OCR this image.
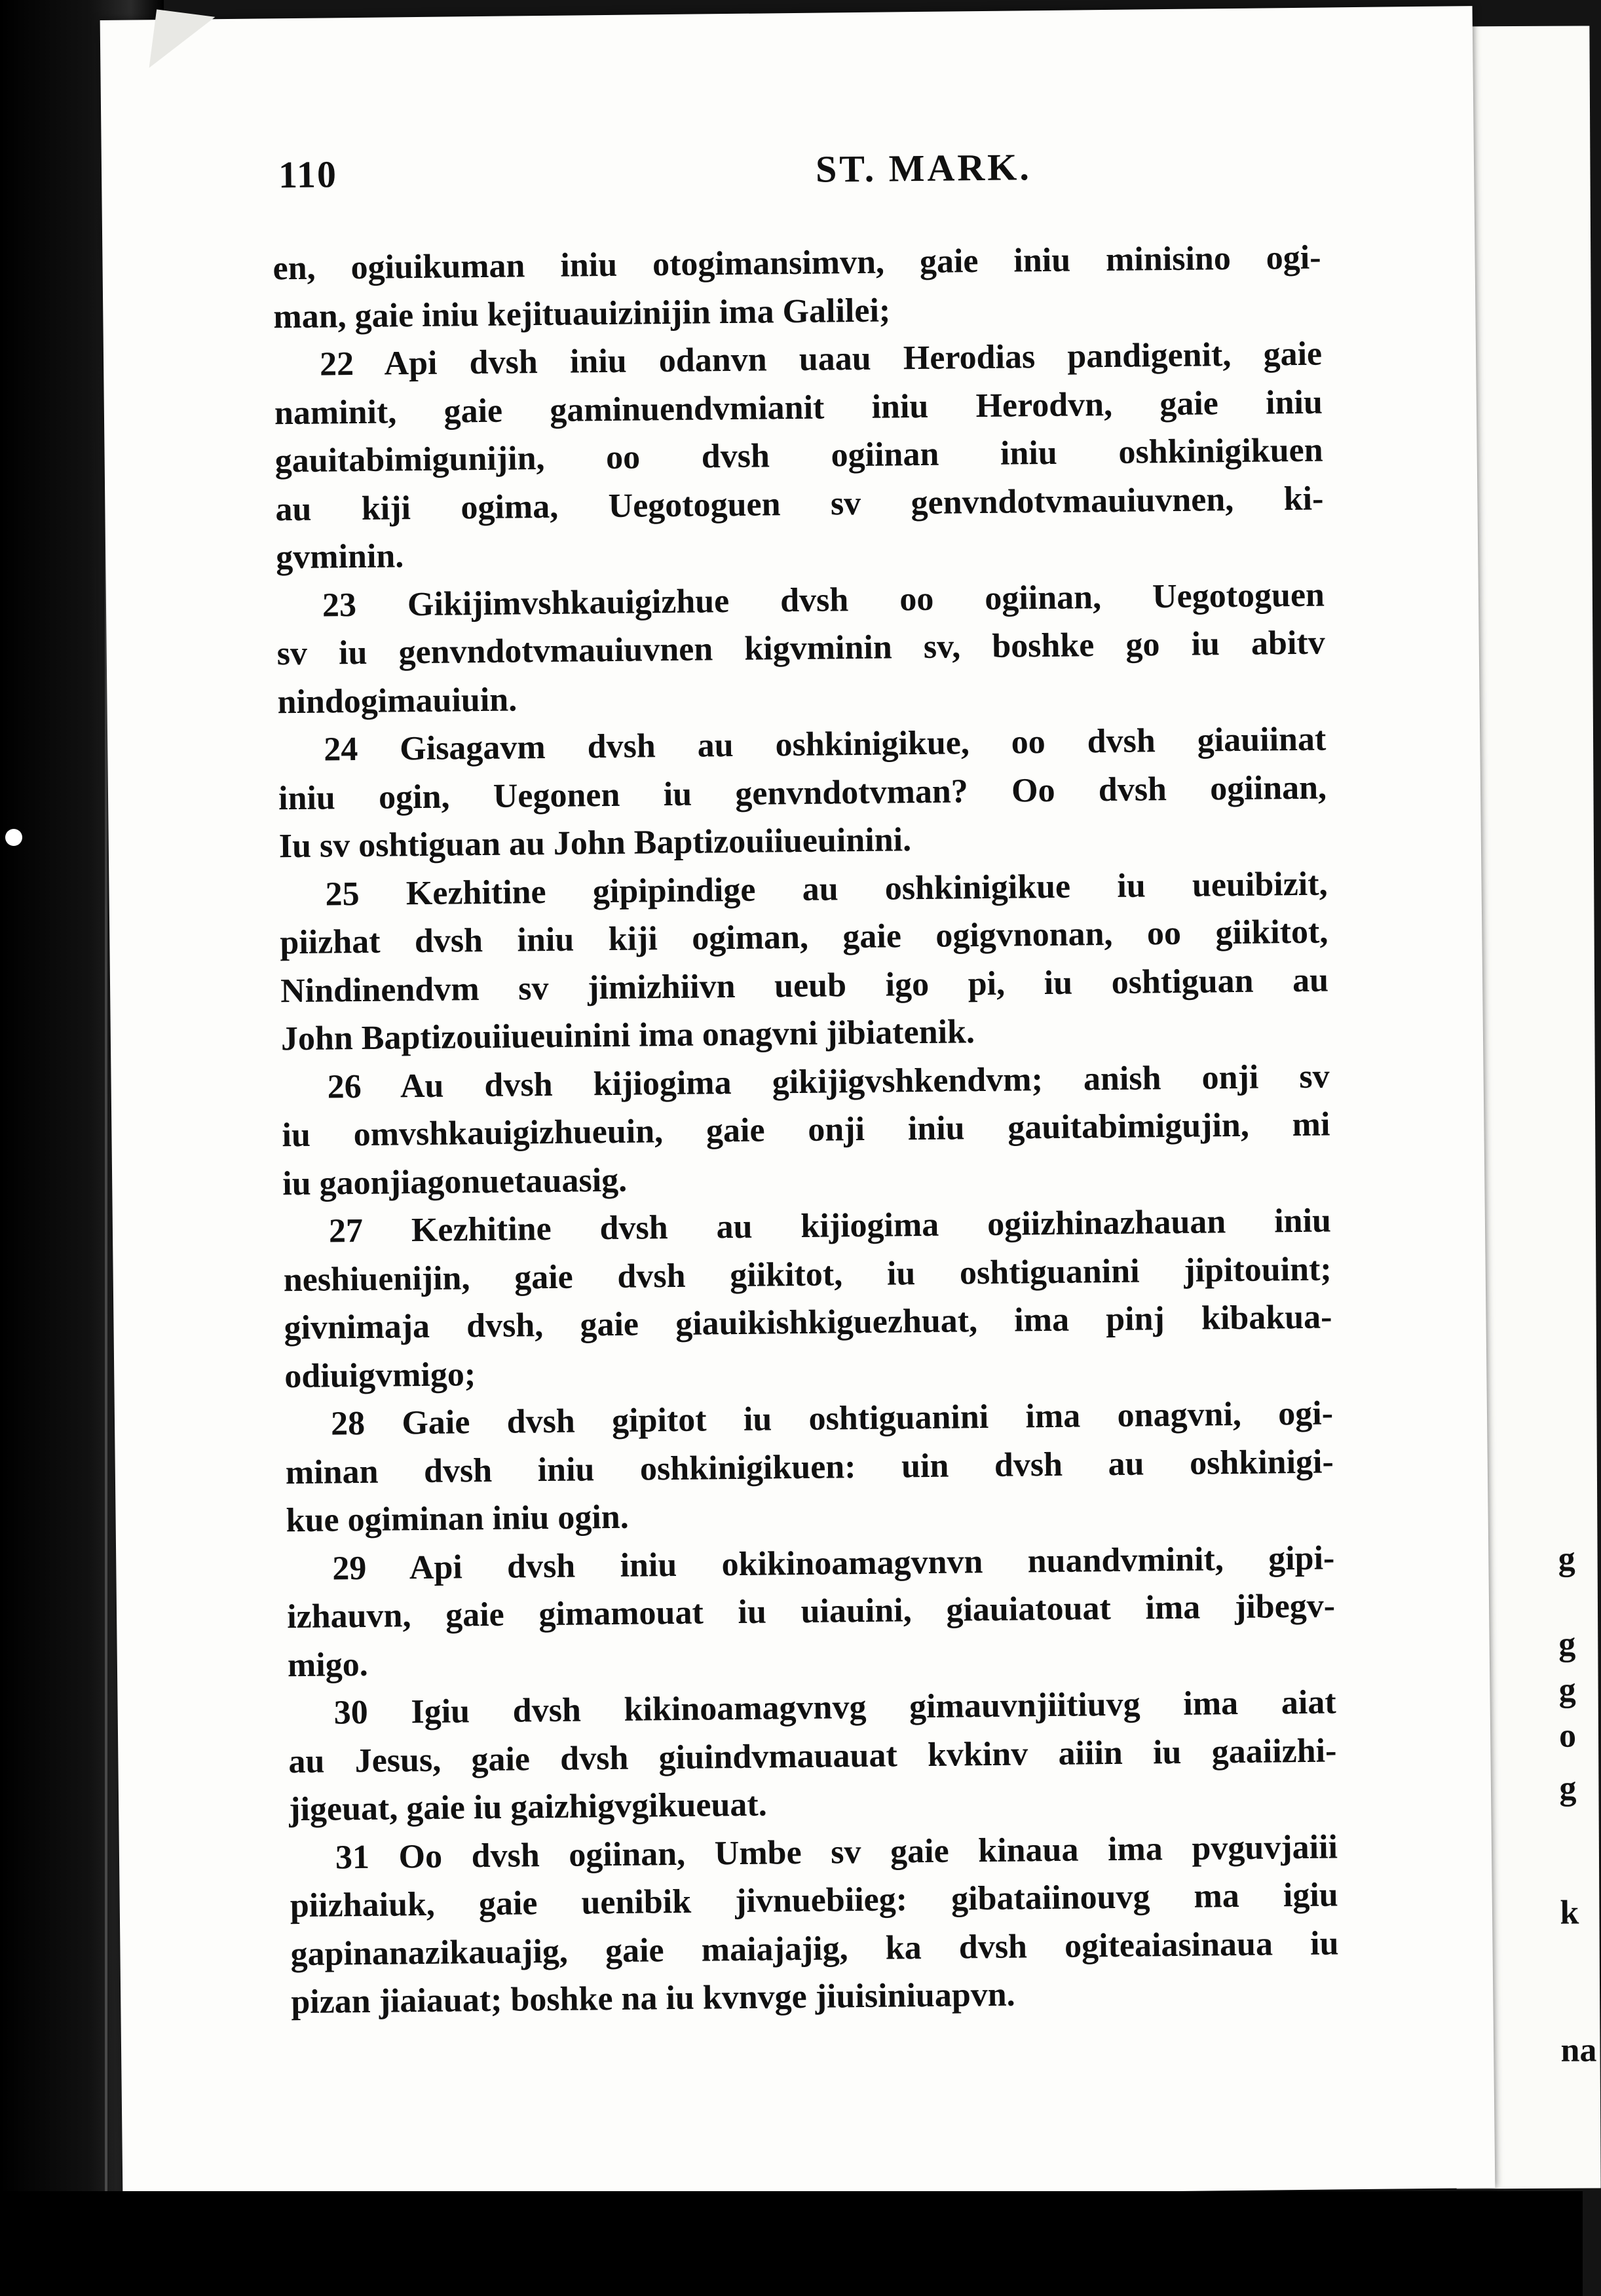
g
g
g
o
g
k
na
110	ST. MARK.
en, ogiuikuman iniu otogimansimvn, gaie iniu minisino ogi-
man, gaie iniu kejituauizinijin ima Galilei;
22 Api dvsh iniu odanvn uaau Herodias pandigenit, gaie
naminit, gaie gaminuendvmianit iniu Herodvn, gaie iniu
gauitabimigunijin, oo dvsh ogiinan iniu oshkinigikuen
au kiji ogima, Uegotoguen sv genvndotvmauiuvnen, ki-
gvminin.
23 Gikijimvshkauigizhue dvsh oo ogiinan, Uegotoguen
sv iu genvndotvmauiuvnen kigvminin sv, boshke go iu abitv
nindogimauiuin.
24 Gisagavm dvsh au oshkinigikue, oo dvsh giauiinat
iniu ogin, Uegonen iu genvndotvman? Oo dvsh ogiinan,
Iu sv oshtiguan au John Baptizouiiueuinini.
25 Kezhitine gipipindige au oshkinigikue iu ueuibizit,
piizhat dvsh iniu kiji ogiman, gaie ogigvnonan, oo giikitot,
Nindinendvm sv jimizhiivn ueub igo pi, iu oshtiguan au
John Baptizouiiueuinini ima onagvni jibiatenik.
26 Au dvsh kijiogima gikijigvshkendvm; anish onji sv
iu omvshkauigizhueuin, gaie onji iniu gauitabimigujin, mi
iu gaonjiagonuetauasig.
27 Kezhitine dvsh au kijiogima ogiizhinazhauan iniu
neshiuenijin, gaie dvsh giikitot, iu oshtiguanini jipitouint;
givnimaja dvsh, gaie giauikishkiguezhuat, ima pinj kibakua-
odiuigvmigo;
28 Gaie dvsh gipitot iu oshtiguanini ima onagvni, ogi-
minan dvsh iniu oshkinigikuen: uin dvsh au oshkinigi-
kue ogiminan iniu ogin.
29 Api dvsh iniu okikinoamagvnvn nuandvminit, gipi-
izhauvn, gaie gimamouat iu uiauini, giauiatouat ima jibegv-
migo.
30 Igiu dvsh kikinoamagvnvg gimauvnjiitiuvg ima aiat
au Jesus, gaie dvsh giuindvmauauat kvkinv aiiin iu gaaiizhi-
jigeuat, gaie iu gaizhigvgikueuat.
31 Oo dvsh ogiinan, Umbe sv gaie kinaua ima pvguvjaiii
piizhaiuk, gaie uenibik jivnuebiieg: gibataiinouvg ma igiu
gapinanazikauajig, gaie maiajajig, ka dvsh ogiteaiasinaua iu
pizan jiaiauat; boshke na iu kvnvge jiuisiniuapvn.
